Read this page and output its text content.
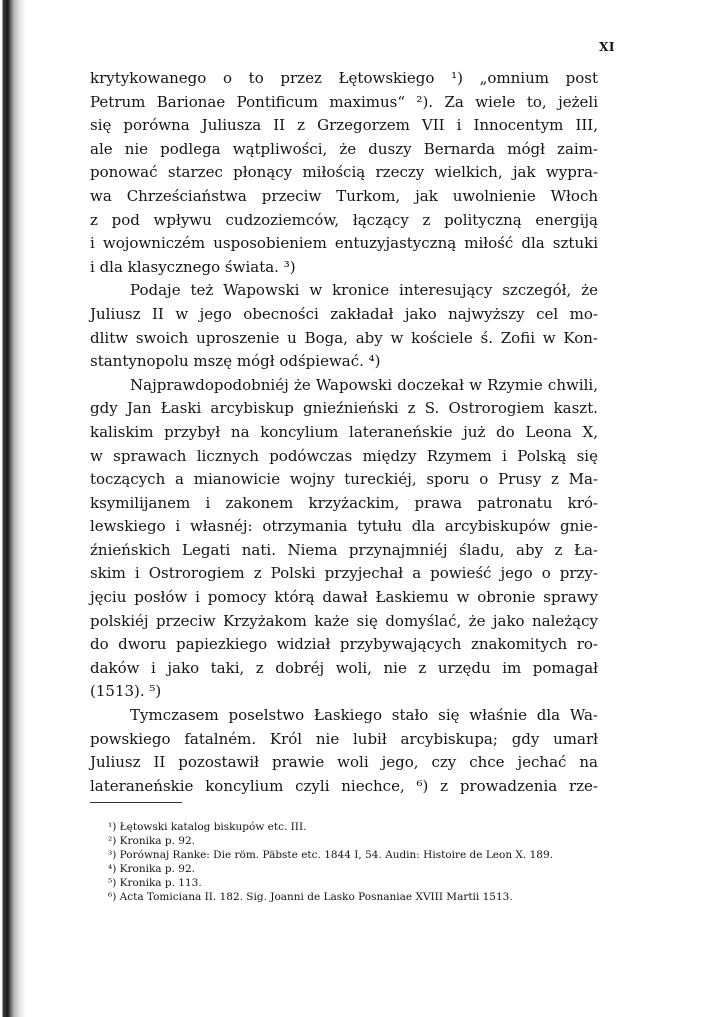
XI
krytykowanego o to przez Łętowskiego ¹) „omnium post
Petrum Barionae Pontificum maximus“ ²). Za wiele to, jeżeli
się porówna Juliusza II z Grzegorzem VII i Innocentym III,
ale nie podlega wątpliwości, że duszy Bernarda mógł zaim-
ponować starzec płonący miłością rzeczy wielkich, jak wypra-
wa Chrześciaństwa przeciw Turkom, jak uwolnienie Włoch
z pod wpływu cudzoziemców, łączący z polityczną energiją
i wojowniczém usposobieniem entuzyjastyczną miłość dla sztuki
i dla klasycznego świata. ³)
Podaje też Wapowski w kronice interesujący szczegół, że
Juliusz II w jego obecności zakładał jako najwyższy cel mo-
dlitw swoich uproszenie u Boga, aby w kościele ś. Zofii w Kon-
stantynopolu mszę mógł odśpiewać. ⁴)
Najprawdopodobniéj że Wapowski doczekał w Rzymie chwili,
gdy Jan Łaski arcybiskup gnieźnieński z S. Ostrorogiem kaszt.
kaliskim przybył na koncylium lateraneńskie już do Leona X,
w sprawach licznych podówczas między Rzymem i Polską się
toczących a mianowicie wojny tureckiéj, sporu o Prusy z Ma-
ksymilijanem i zakonem krzyżackim, prawa patronatu kró-
lewskiego i własnéj: otrzymania tytułu dla arcybiskupów gnie-
źnieńskich Legati nati. Niema przynajmniéj śladu, aby z Ła-
skim i Ostrorogiem z Polski przyjechał a powieść jego o przy-
jęciu posłów i pomocy którą dawał Łaskiemu w obronie sprawy
polskiéj przeciw Krzyżakom każe się domyślać, że jako należący
do dworu papiezkiego widział przybywających znakomitych ro-
daków i jako taki, z dobréj woli, nie z urzędu im pomagał
(1513). ⁵)
Tymczasem poselstwo Łaskiego stało się właśnie dla Wa-
powskiego fatalném. Król nie lubił arcybiskupa; gdy umarł
Juliusz II pozostawił prawie woli jego, czy chce jechać na
lateraneńskie koncylium czyli niechce, ⁶) z prowadzenia rze-
¹) Łętowski katalog biskupów etc. III.
²) Kronika p. 92.
³) Porównaj Ranke: Die röm. Päbste etc. 1844 I, 54. Audin: Histoire de Leon X. 189.
⁴) Kronika p. 92.
⁵) Kronika p. 113.
⁶) Acta Tomiciana II. 182. Sig. Joanni de Lasko Posnaniae XVIII Martii 1513.
